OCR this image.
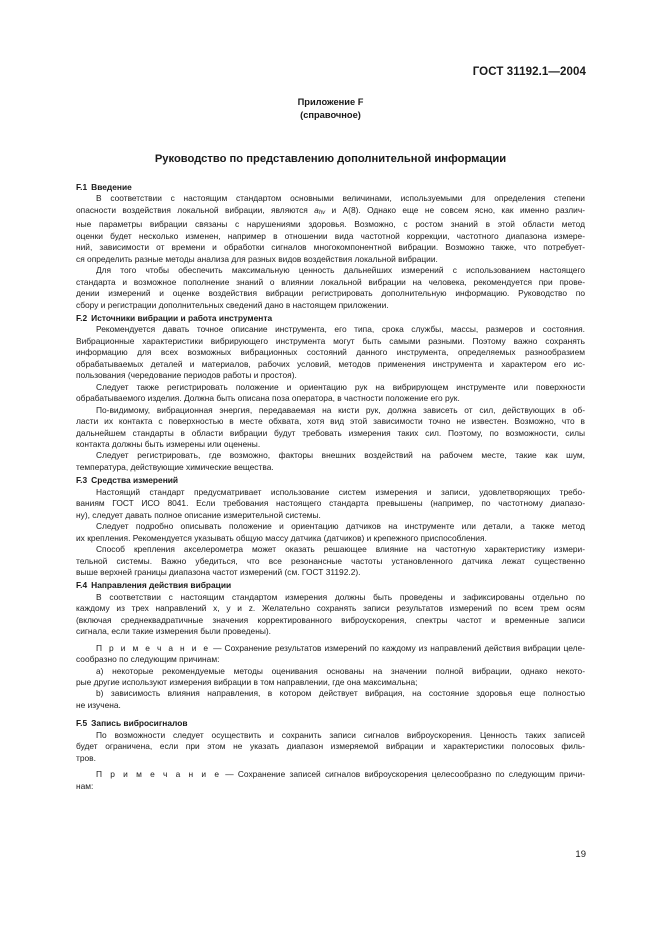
ГОСТ 31192.1—2004
Приложение F
(справочное)
Руководство по представлению дополнительной информации
F.1 Введение

В соответствии с настоящим стандартом основными величинами, используемыми для определения степени
опасности воздействия локальной вибрации, являются $a_{hv}$ и A(8). Однако еще не совсем ясно, как именно различ-
ные параметры вибрации связаны с нарушениями здоровья. Возможно, с ростом знаний в этой области метод
оценки будет несколько изменен, например в отношении вида частотной коррекции, частотного диапазона измере-
ний, зависимости от времени и обработки сигналов многокомпонентной вибрации. Возможно также, что потребует-
ся определить разные методы анализа для разных видов воздействия локальной вибрации.

Для того чтобы обеспечить максимальную ценность дальнейших измерений с использованием настоящего
стандарта и возможное пополнение знаний о влиянии локальной вибрации на человека, рекомендуется при прове-
дении измерений и оценке воздействия вибрации регистрировать дополнительную информацию. Руководство по
сбору и регистрации дополнительных сведений дано в настоящем приложении.

F.2 Источники вибрации и работа инструмента

Рекомендуется давать точное описание инструмента, его типа, срока службы, массы, размеров и состояния.
Вибрационные характеристики вибрирующего инструмента могут быть самыми разными. Поэтому важно сохранять
информацию для всех возможных вибрационных состояний данного инструмента, определяемых разнообразием
обрабатываемых деталей и материалов, рабочих условий, методов применения инструмента и характером его ис-
пользования (чередование периодов работы и простоя).

Следует также регистрировать положение и ориентацию рук на вибрирующем инструменте или поверхности
обрабатываемого изделия. Должна быть описана поза оператора, в частности положение его рук.

По-видимому, вибрационная энергия, передаваемая на кисти рук, должна зависеть от сил, действующих в об-
ласти их контакта с поверхностью в месте обхвата, хотя вид этой зависимости точно не известен. Возможно, что в
дальнейшем стандарты в области вибрации будут требовать измерения таких сил. Поэтому, по возможности, силы
контакта должны быть измерены или оценены.

Следует регистрировать, где возможно, факторы внешних воздействий на рабочем месте, такие как шум,
температура, действующие химические вещества.

F.3 Средства измерений

Настоящий стандарт предусматривает использование систем измерения и записи, удовлетворяющих требо-
ваниям ГОСТ ИСО 8041. Если требования настоящего стандарта превышены (например, по частотному диапазо-
ну), следует давать полное описание измерительной системы.

Следует подробно описывать положение и ориентацию датчиков на инструменте или детали, а также метод
их крепления. Рекомендуется указывать общую массу датчика (датчиков) и крепежного приспособления.

Способ крепления акселерометра может оказать решающее влияние на частотную характеристику измери-
тельной системы. Важно убедиться, что все резонансные частоты установленного датчика лежат существенно
выше верхней границы диапазона частот измерений (см. ГОСТ 31192.2).

F.4 Направления действия вибрации

В соответствии с настоящим стандартом измерения должны быть проведены и зафиксированы отдельно по
каждому из трех направлений x, y и z. Желательно сохранять записи результатов измерений по всем трем осям
(включая среднеквадратичные значения корректированного виброускорения, спектры частот и временные записи
сигнала, если такие измерения были проведены).

П р и м е ч а н и е — Сохранение результатов измерений по каждому из направлений действия вибрации целе-
сообразно по следующим причинам:

a) некоторые рекомендуемые методы оценивания основаны на значении полной вибрации, однако некото-
рые другие используют измерения вибрации в том направлении, где она максимальна;

b) зависимость влияния направления, в котором действует вибрация, на состояние здоровья еще полностью
не изучена.

F.5 Запись вибросигналов

По возможности следует осуществить и сохранить записи сигналов виброускорения. Ценность таких записей
будет ограничена, если при этом не указать диапазон измеряемой вибрации и характеристики полосовых филь-
тров.

П р и м е ч а н и е — Сохранение записей сигналов виброускорения целесообразно по следующим причи-
нам:

19
